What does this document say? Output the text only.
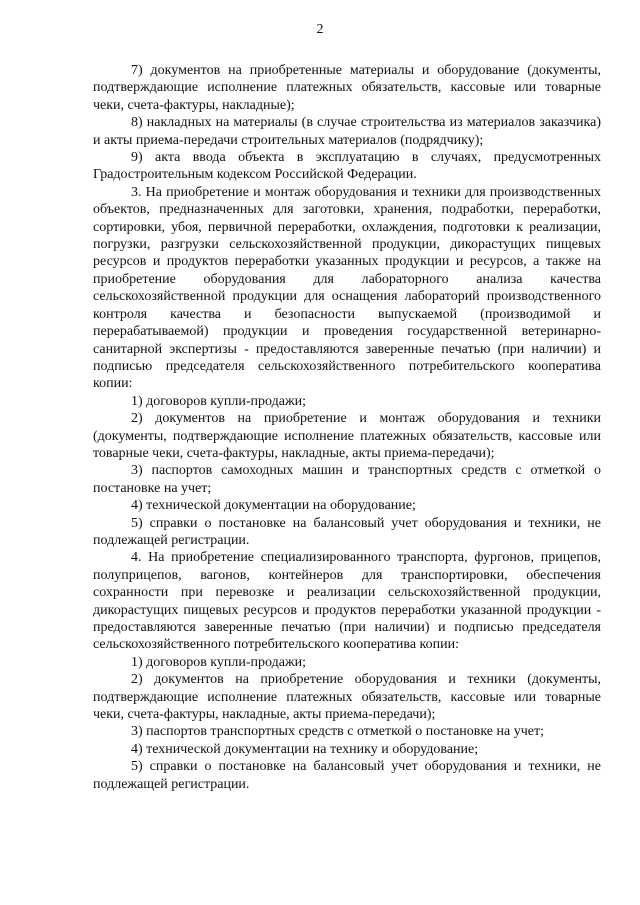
2

7) документов на приобретенные материалы и оборудование (документы, подтверждающие исполнение платежных обязательств, кассовые или товарные чеки, счета-фактуры, накладные);

8) накладных на материалы (в случае строительства из материалов заказчика) и акты приема-передачи строительных материалов (подрядчику);

9) акта ввода объекта в эксплуатацию в случаях, предусмотренных Градостроительным кодексом Российской Федерации.

3. На приобретение и монтаж оборудования и техники для производственных объектов, предназначенных для заготовки, хранения, подработки, переработки, сортировки, убоя, первичной переработки, охлаждения, подготовки к реализации, погрузки, разгрузки сельскохозяйственной продукции, дикорастущих пищевых ресурсов и продуктов переработки указанных продукции и ресурсов, а также на приобретение оборудования для лабораторного анализа качества сельскохозяйственной продукции для оснащения лабораторий производственного контроля качества и безопасности выпускаемой (производимой и перерабатываемой) продукции и проведения государственной ветеринарно-санитарной экспертизы - предоставляются заверенные печатью (при наличии) и подписью председателя сельскохозяйственного потребительского кооператива копии:

1) договоров купли-продажи;

2) документов на приобретение и монтаж оборудования и техники (документы, подтверждающие исполнение платежных обязательств, кассовые или товарные чеки, счета-фактуры, накладные, акты приема-передачи);

3) паспортов самоходных машин и транспортных средств с отметкой о постановке на учет;

4) технической документации на оборудование;

5) справки о постановке на балансовый учет оборудования и техники, не подлежащей регистрации.

4. На приобретение специализированного транспорта, фургонов, прицепов, полуприцепов, вагонов, контейнеров для транспортировки, обеспечения сохранности при перевозке и реализации сельскохозяйственной продукции, дикорастущих пищевых ресурсов и продуктов переработки указанной продукции - предоставляются заверенные печатью (при наличии) и подписью председателя сельскохозяйственного потребительского кооператива копии:

1) договоров купли-продажи;

2) документов на приобретение оборудования и техники (документы, подтверждающие исполнение платежных обязательств, кассовые или товарные чеки, счета-фактуры, накладные, акты приема-передачи);

3) паспортов транспортных средств с отметкой о постановке на учет;

4) технической документации на технику и оборудование;

5) справки о постановке на балансовый учет оборудования и техники, не подлежащей регистрации.
